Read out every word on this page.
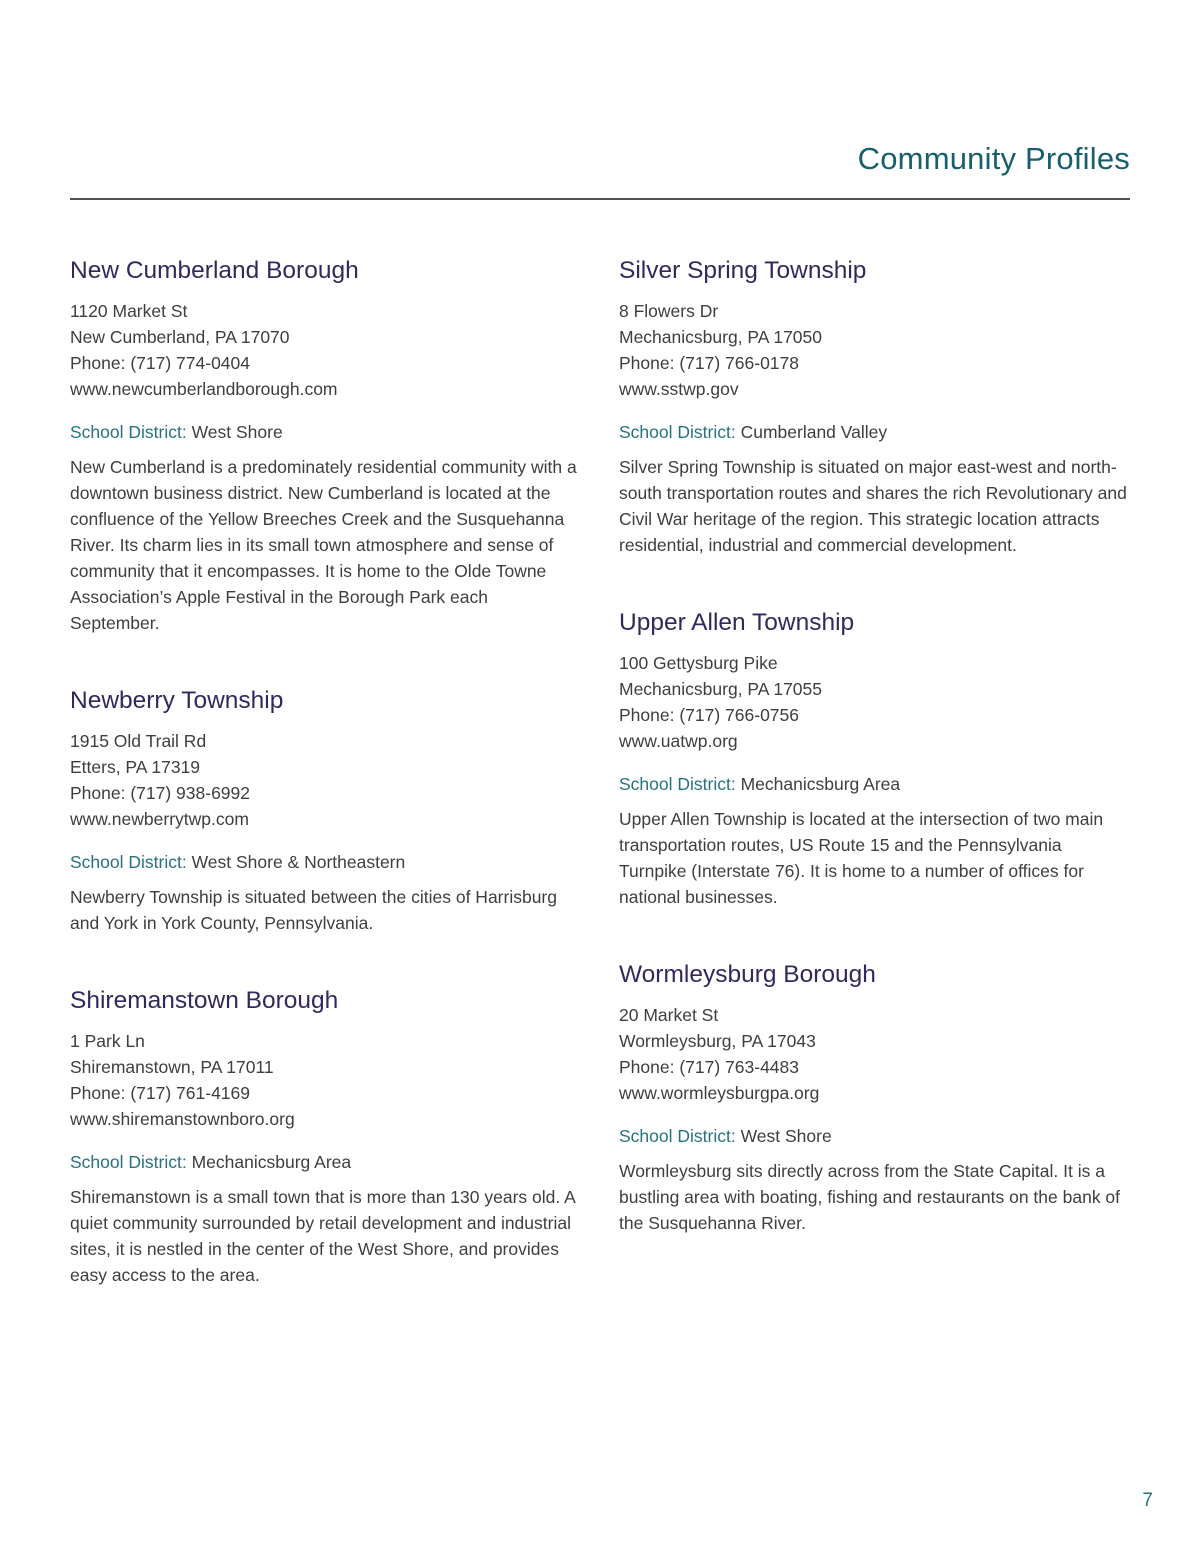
Community Profiles
New Cumberland Borough
1120 Market St
New Cumberland, PA 17070
Phone: (717) 774-0404
www.newcumberlandborough.com
School District: West Shore

New Cumberland is a predominately residential community with a downtown business district. New Cumberland is located at the confluence of the Yellow Breeches Creek and the Susquehanna River. Its charm lies in its small town atmosphere and sense of community that it encompasses. It is home to the Olde Towne Association’s Apple Festival in the Borough Park each September.

Newberry Township
1915 Old Trail Rd
Etters, PA 17319
Phone: (717) 938-6992
www.newberrytwp.com
School District: West Shore & Northeastern

Newberry Township is situated between the cities of Harrisburg and York in York County, Pennsylvania.

Shiremanstown Borough
1 Park Ln
Shiremanstown, PA 17011
Phone: (717) 761-4169
www.shiremanstownboro.org
School District: Mechanicsburg Area

Shiremanstown is a small town that is more than 130 years old. A quiet community surrounded by retail development and industrial sites, it is nestled in the center of the West Shore, and provides easy access to the area.

Silver Spring Township
8 Flowers Dr
Mechanicsburg, PA 17050
Phone: (717) 766-0178
www.sstwp.gov
School District: Cumberland Valley

Silver Spring Township is situated on major east-west and north-south transportation routes and shares the rich Revolutionary and Civil War heritage of the region. This strategic location attracts residential, industrial and commercial development.

Upper Allen Township
100 Gettysburg Pike
Mechanicsburg, PA 17055
Phone: (717) 766-0756
www.uatwp.org
School District: Mechanicsburg Area

Upper Allen Township is located at the intersection of two main transportation routes, US Route 15 and the Pennsylvania Turnpike (Interstate 76). It is home to a number of offices for national businesses.

Wormleysburg Borough
20 Market St
Wormleysburg, PA 17043
Phone: (717) 763-4483
www.wormleysburgpa.org
School District: West Shore

Wormleysburg sits directly across from the State Capital. It is a bustling area with boating, fishing and restaurants on the bank of the Susquehanna River.

7
